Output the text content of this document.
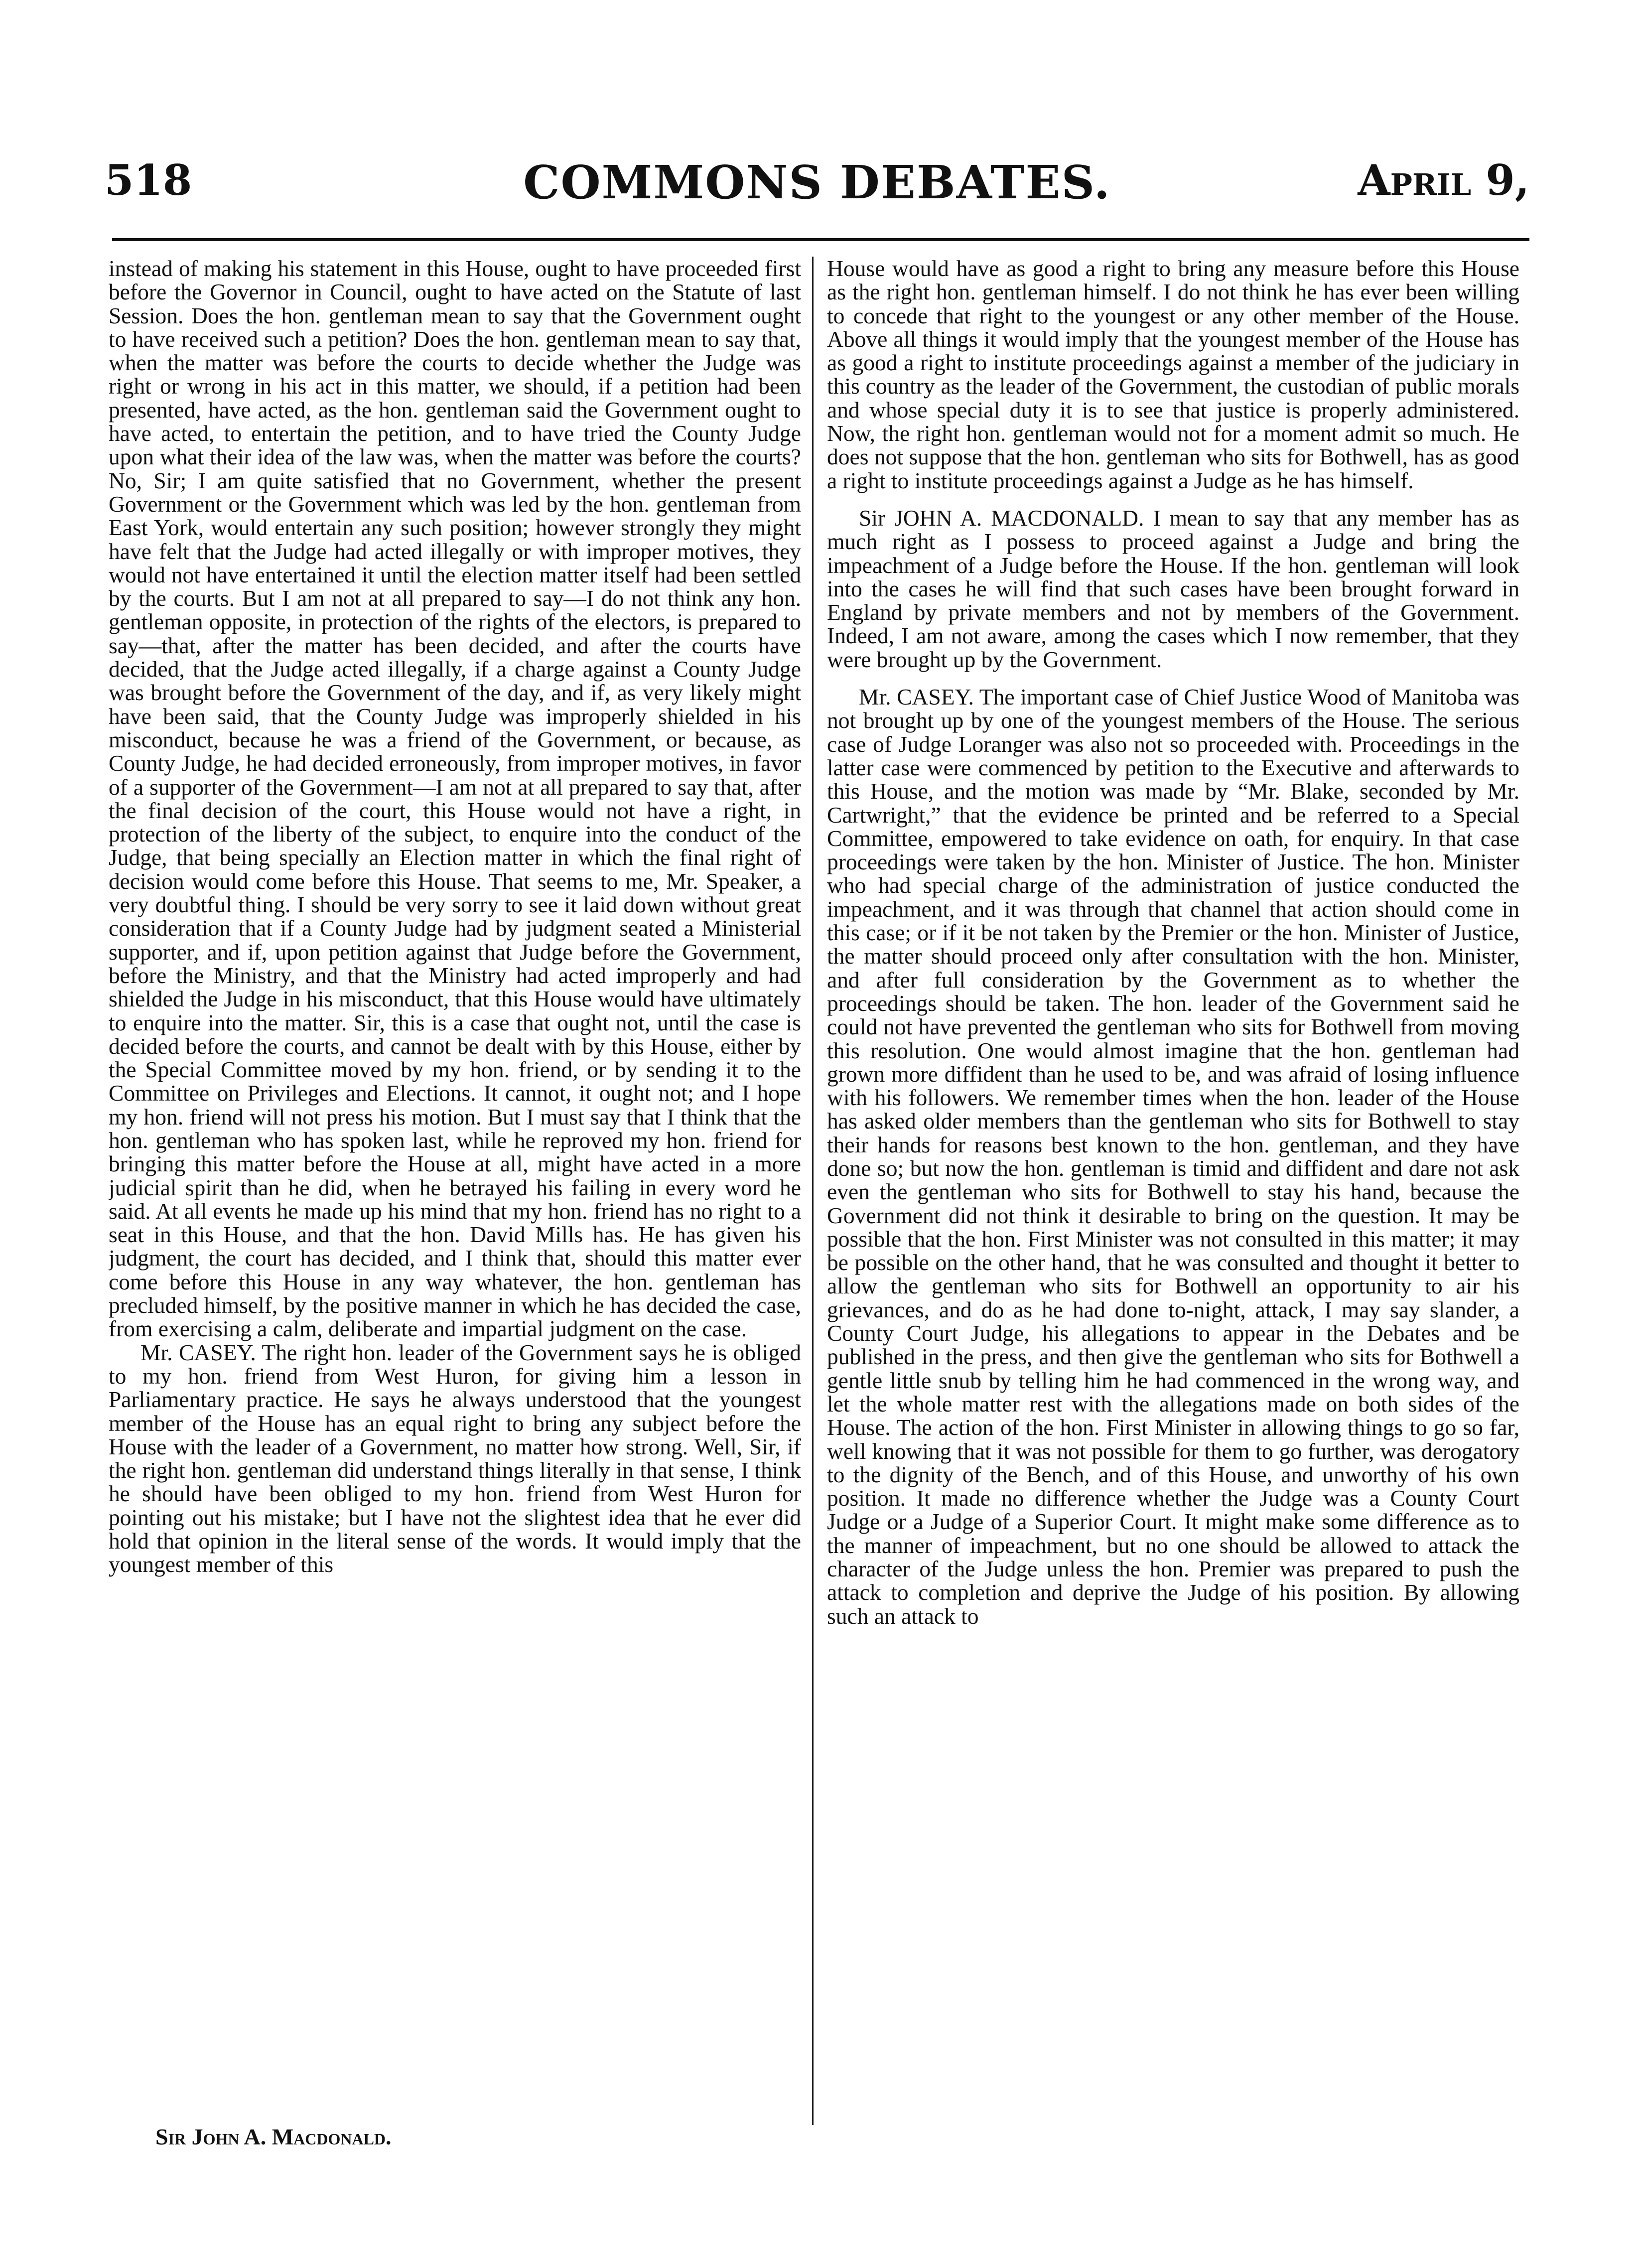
518	COMMONS DEBATES.	April 9,

instead of making his statement in this House, ought to have proceeded first before the Governor in Council, ought to have acted on the Statute of last Session. Does the hon. gentleman mean to say that the Government ought to have received such a petition? Does the hon. gentleman mean to say that, when the matter was before the courts to decide whether the Judge was right or wrong in his act in this matter, we should, if a petition had been presented, have acted, as the hon. gentleman said the Government ought to have acted, to entertain the petition, and to have tried the County Judge upon what their idea of the law was, when the matter was before the courts? No, Sir; I am quite satisfied that no Government, whether the present Government or the Government which was led by the hon. gentleman from East York, would entertain any such position; however strongly they might have felt that the Judge had acted illegally or with improper motives, they would not have entertained it until the election matter itself had been settled by the courts. But I am not at all prepared to say—I do not think any hon. gentleman opposite, in protection of the rights of the electors, is prepared to say—that, after the matter has been decided, and after the courts have decided, that the Judge acted illegally, if a charge against a County Judge was brought before the Government of the day, and if, as very likely might have been said, that the County Judge was improperly shielded in his misconduct, because he was a friend of the Government, or because, as County Judge, he had decided erroneously, from improper motives, in favor of a supporter of the Government—I am not at all prepared to say that, after the final decision of the court, this House would not have a right, in protection of the liberty of the subject, to enquire into the conduct of the Judge, that being specially an Election matter in which the final right of decision would come before this House. That seems to me, Mr. Speaker, a very doubtful thing. I should be very sorry to see it laid down without great consideration that if a County Judge had by judgment seated a Ministerial supporter, and if, upon petition against that Judge before the Government, before the Ministry, and that the Ministry had acted improperly and had shielded the Judge in his misconduct, that this House would have ultimately to enquire into the matter. Sir, this is a case that ought not, until the case is decided before the courts, and cannot be dealt with by this House, either by the Special Committee moved by my hon. friend, or by sending it to the Committee on Privileges and Elections. It cannot, it ought not; and I hope my hon. friend will not press his motion. But I must say that I think that the hon. gentleman who has spoken last, while he reproved my hon. friend for bringing this matter before the House at all, might have acted in a more judicial spirit than he did, when he betrayed his failing in every word he said. At all events he made up his mind that my hon. friend has no right to a seat in this House, and that the hon. David Mills has. He has given his judgment, the court has decided, and I think that, should this matter ever come before this House in any way whatever, the hon. gentleman has precluded himself, by the positive manner in which he has decided the case, from exercising a calm, deliberate and impartial judgment on the case.

Mr. CASEY. The right hon. leader of the Government says he is obliged to my hon. friend from West Huron, for giving him a lesson in Parliamentary practice. He says he always understood that the youngest member of the House has an equal right to bring any subject before the House with the leader of a Government, no matter how strong. Well, Sir, if the right hon. gentleman did understand things literally in that sense, I think he should have been obliged to my hon. friend from West Huron for pointing out his mistake; but I have not the slightest idea that he ever did hold that opinion in the literal sense of the words. It would imply that the youngest member of this

House would have as good a right to bring any measure before this House as the right hon. gentleman himself. I do not think he has ever been willing to concede that right to the youngest or any other member of the House. Above all things it would imply that the youngest member of the House has as good a right to institute proceedings against a member of the judiciary in this country as the leader of the Government, the custodian of public morals and whose special duty it is to see that justice is properly administered. Now, the right hon. gentleman would not for a moment admit so much. He does not suppose that the hon. gentleman who sits for Bothwell, has as good a right to institute proceedings against a Judge as he has himself.

Sir JOHN A. MACDONALD. I mean to say that any member has as much right as I possess to proceed against a Judge and bring the impeachment of a Judge before the House. If the hon. gentleman will look into the cases he will find that such cases have been brought forward in England by private members and not by members of the Government. Indeed, I am not aware, among the cases which I now remember, that they were brought up by the Government.

Mr. CASEY. The important case of Chief Justice Wood of Manitoba was not brought up by one of the youngest members of the House. The serious case of Judge Loranger was also not so proceeded with. Proceedings in the latter case were commenced by petition to the Executive and afterwards to this House, and the motion was made by “Mr. Blake, seconded by Mr. Cartwright,” that the evidence be printed and be referred to a Special Committee, empowered to take evidence on oath, for enquiry. In that case proceedings were taken by the hon. Minister of Justice. The hon. Minister who had special charge of the administration of justice conducted the impeachment, and it was through that channel that action should come in this case; or if it be not taken by the Premier or the hon. Minister of Justice, the matter should proceed only after consultation with the hon. Minister, and after full consideration by the Government as to whether the proceedings should be taken. The hon. leader of the Government said he could not have prevented the gentleman who sits for Bothwell from moving this resolution. One would almost imagine that the hon. gentleman had grown more diffident than he used to be, and was afraid of losing influence with his followers. We remember times when the hon. leader of the House has asked older members than the gentleman who sits for Bothwell to stay their hands for reasons best known to the hon. gentleman, and they have done so; but now the hon. gentleman is timid and diffident and dare not ask even the gentleman who sits for Bothwell to stay his hand, because the Government did not think it desirable to bring on the question. It may be possible that the hon. First Minister was not consulted in this matter; it may be possible on the other hand, that he was consulted and thought it better to allow the gentleman who sits for Bothwell an opportunity to air his grievances, and do as he had done to-night, attack, I may say slander, a County Court Judge, his allegations to appear in the Debates and be published in the press, and then give the gentleman who sits for Bothwell a gentle little snub by telling him he had commenced in the wrong way, and let the whole matter rest with the allegations made on both sides of the House. The action of the hon. First Minister in allowing things to go so far, well knowing that it was not possible for them to go further, was derogatory to the dignity of the Bench, and of this House, and unworthy of his own position. It made no difference whether the Judge was a County Court Judge or a Judge of a Superior Court. It might make some difference as to the manner of impeachment, but no one should be allowed to attack the character of the Judge unless the hon. Premier was prepared to push the attack to completion and deprive the Judge of his position. By allowing such an attack to

Sir John A. Macdonald.
